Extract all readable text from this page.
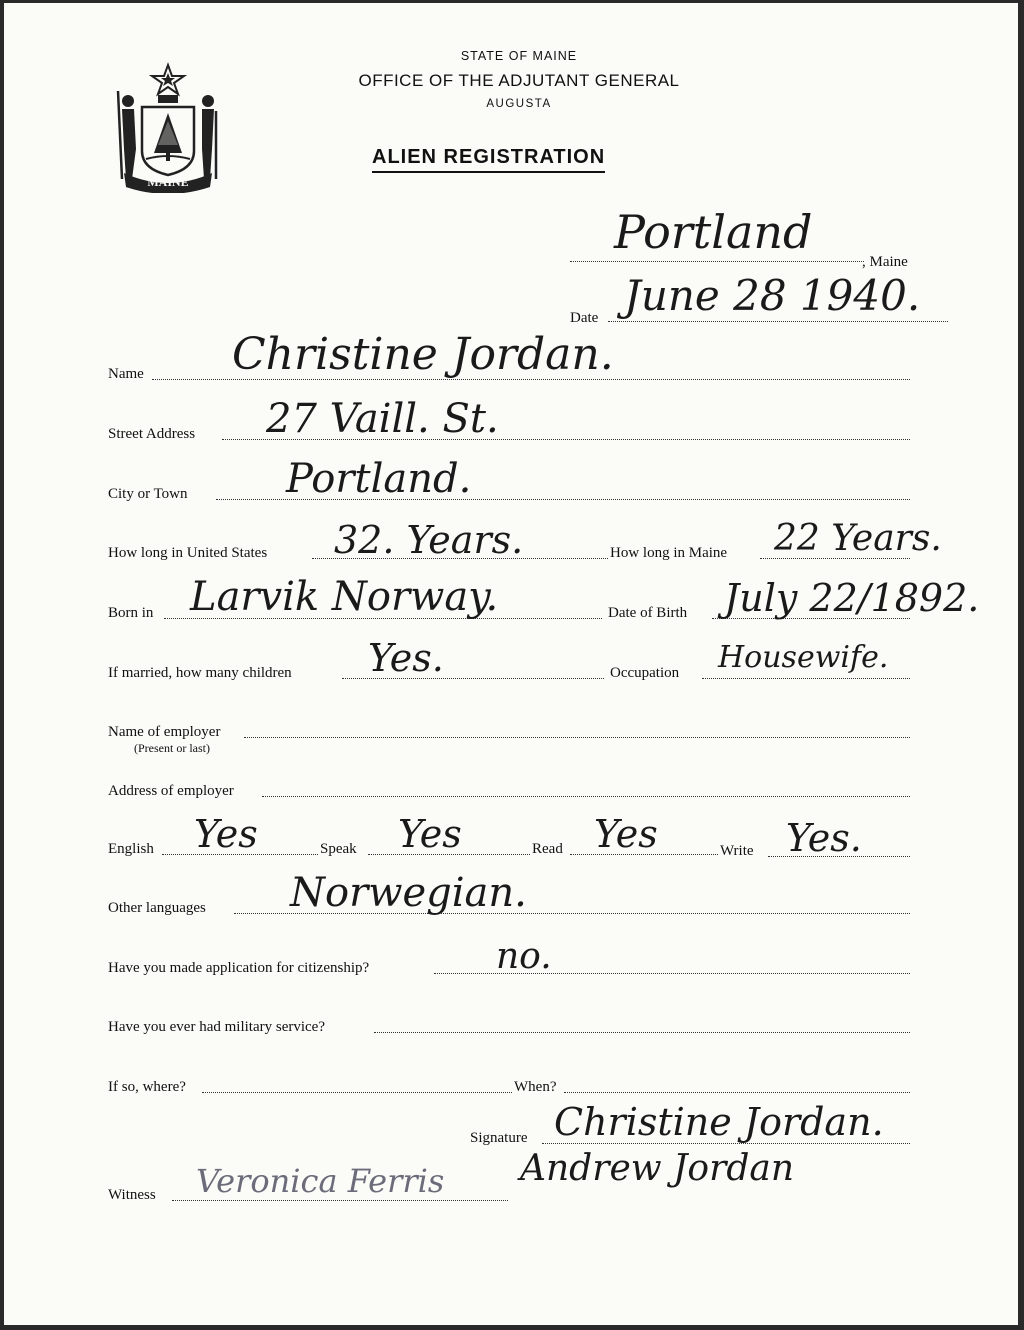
MAINE
STATE OF MAINE
OFFICE OF THE ADJUTANT GENERAL
AUGUSTA
ALIEN REGISTRATION
Portland
, Maine
Date June 28 1940.
Name Christine Jordan.
Street Address 27 Vaill. St.
City or Town Portland.
How long in United States 32. Years.	How long in Maine 22 Years.
Born in Larvik Norway.	Date of Birth July 22/1892.
If married, how many children Yes.	Occupation Housewife.
Name of employer
(Present or last)
Address of employer
English Yes	Speak Yes	Read Yes	Write Yes.
Other languages Norwegian.
Have you made application for citizenship?	no.
Have you ever had military service?
If so, where?	When?
Signature Christine Jordan.
Witness Veronica Ferris Andrew Jordan
